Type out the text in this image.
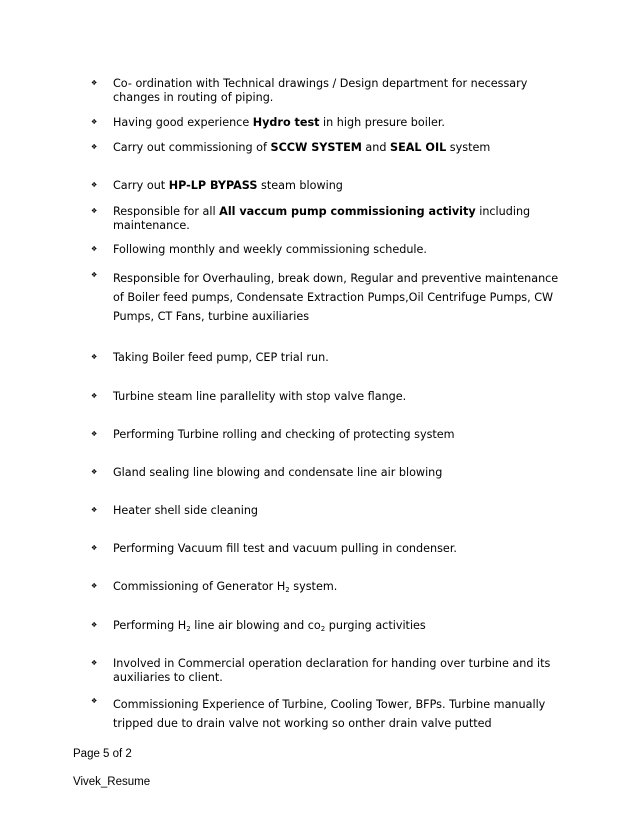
❖ Co- ordination with Technical drawings / Design department for necessary changes in routing of piping.
❖ Having good experience Hydro test in high presure boiler.
❖ Carry out commissioning of SCCW SYSTEM and SEAL OIL system
❖ Carry out HP-LP BYPASS steam blowing
❖ Responsible for all All vaccum pump commissioning activity including maintenance.
❖ Following monthly and weekly commissioning schedule.
❖ Responsible for Overhauling, break down, Regular and preventive maintenance of Boiler feed pumps, Condensate Extraction Pumps,Oil Centrifuge Pumps, CW Pumps, CT Fans, turbine auxiliaries
❖ Taking Boiler feed pump, CEP trial run.
❖ Turbine steam line parallelity with stop valve flange.
❖ Performing Turbine rolling and checking of protecting system
❖ Gland sealing line blowing and condensate line air blowing
❖ Heater shell side cleaning
❖ Performing Vacuum fill test and vacuum pulling in condenser.
❖ Commissioning of Generator $H_2$ system.
❖ Performing $H_2$ line air blowing and $co_2$ purging activities
❖ Involved in Commercial operation declaration for handing over turbine and its auxiliaries to client.
❖ Commissioning Experience of Turbine, Cooling Tower, BFPs. Turbine manually tripped due to drain valve not working so onther drain valve putted
Page 5 of 2
Vivek_Resume
